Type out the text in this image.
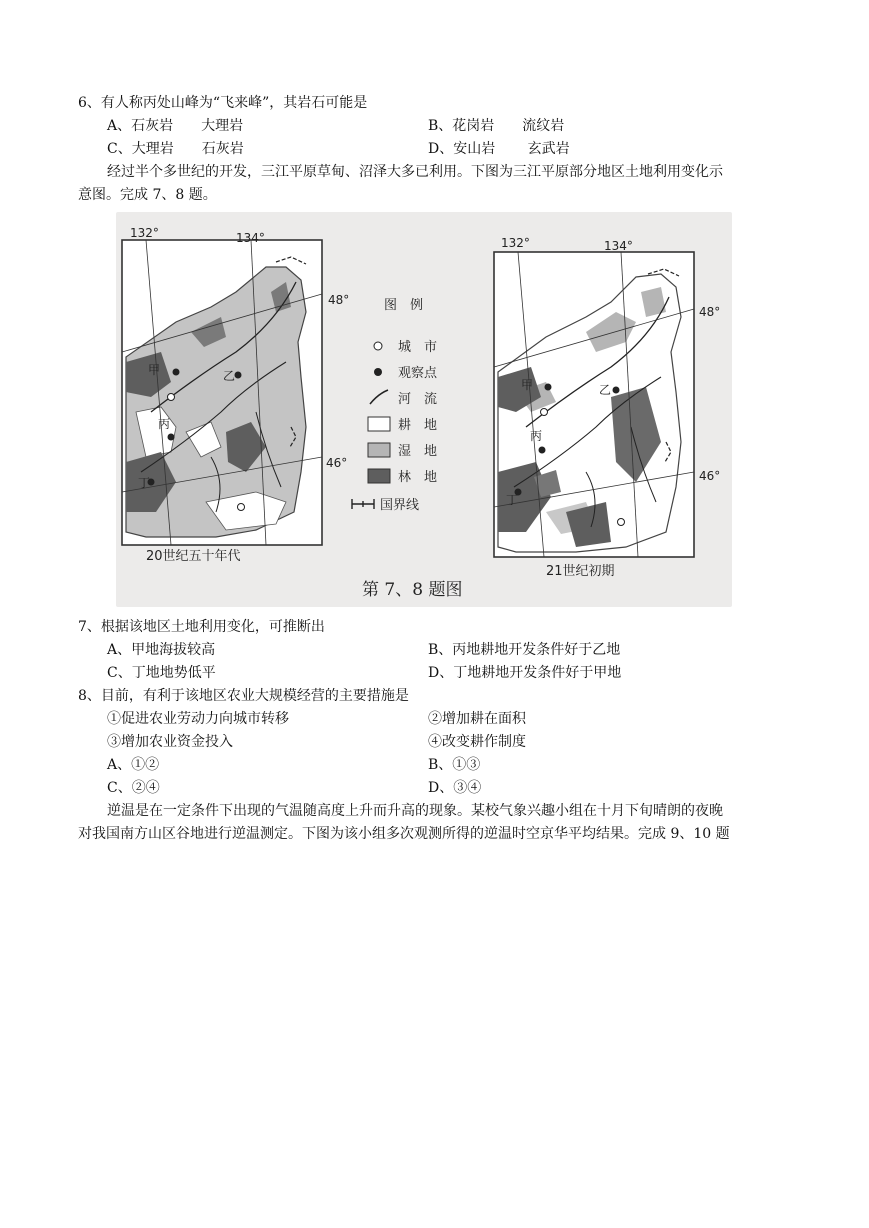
6、有人称丙处山峰为“飞来峰”，其岩石可能是
A、石灰岩　　大理岩	B、花岗岩　　流纹岩
C、大理岩　　石灰岩	D、安山岩　　 玄武岩
经过半个多世纪的开发，三江平原草甸、沼泽大多已利用。下图为三江平原部分地区土地利用变化示
意图。完成 7、8 题。
132°	134°
48°
46°
甲	乙
丙
丁
20世纪五十年代
图　例
城　市
观察点
河　流
耕　地
湿　地
林　地
国界线
132°	134°
48°
46°
甲	乙
丙
丁
21世纪初期
第 7、8 题图
7、根据该地区土地利用变化，可推断出
A、甲地海拔较高	B、丙地耕地开发条件好于乙地
C、丁地地势低平	D、丁地耕地开发条件好于甲地
8、目前，有利于该地区农业大规模经营的主要措施是
①促进农业劳动力向城市转移	②增加耕在面积
③增加农业资金投入	④改变耕作制度
A、①②	B、①③
C、②④	D、③④
逆温是在一定条件下出现的气温随高度上升而升高的现象。某校气象兴趣小组在十月下旬晴朗的夜晚
对我国南方山区谷地进行逆温测定。下图为该小组多次观测所得的逆温时空京华平均结果。完成 9、10 题
